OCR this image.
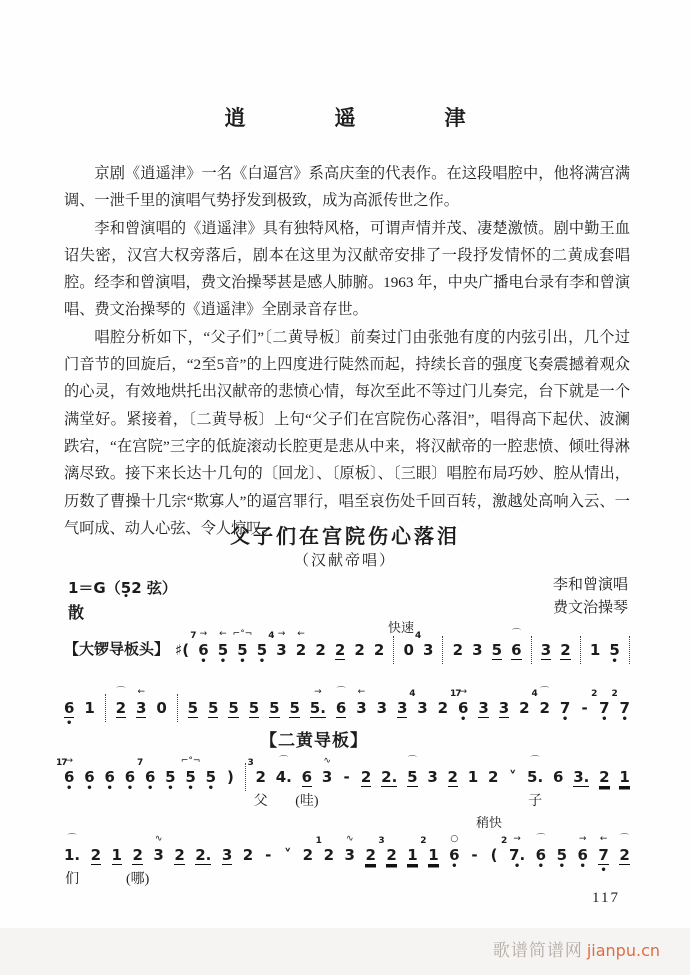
逍　遥　津

京剧《逍遥津》一名《白逼宫》系高庆奎的代表作。在这段唱腔中，他将满宫满调、一泄千里的演唱气势抒发到极致，成为高派传世之作。

李和曾演唱的《逍遥津》具有独特风格，可谓声情并茂、凄楚激愤。剧中勤王血诏失密，汉宫大权旁落后，剧本在这里为汉献帝安排了一段抒发情怀的二黄成套唱腔。经李和曾演唱，费文治操琴甚是感人肺腑。1963 年，中央广播电台录有李和曾演唱、费文治操琴的《逍遥津》全剧录音存世。

唱腔分析如下，“父子们”〔二黄导板〕前奏过门由张弛有度的内弦引出，几个过门音节的回旋后，“2至5音”的上四度进行陡然而起，持续长音的强度飞奏震撼着观众的心灵，有效地烘托出汉献帝的悲愤心情，每次至此不等过门儿奏完，台下就是一个满堂好。紧接着，〔二黄导板〕上句“父子们在宫院伤心落泪”，唱得高下起伏、波澜跌宕，“在宫院”三字的低旋滚动长腔更是悲从中来，将汉献帝的一腔悲愤、倾吐得淋漓尽致。接下来长达十几句的〔回龙〕、〔原板〕、〔三眼〕唱腔布局巧妙、腔从情出，历数了曹操十几宗“欺寡人”的逼宫罪行，唱至哀伤处千回百转，激越处高响入云、一气呵成、动人心弦、令人惊叹。

父子们在宫院伤心落泪
（汉献帝唱）
1＝G（5 •2 弦）
散
李和曾演唱
费文治操琴
快速
【大锣导板头】 ♯( 6
7 →
•
5
←
•
5
⌐°¬
•
5
•
3
4 →
2
←
2 2 2 2 0 3
4
2 3 5 6
⌒
3 2 1 5
•
6
•
1 2
⌒
3
←
0 5 5 5 5 5 5 5.
→
6
⌒
3
←
3 3 3
4
2 6
17
→
•
3 3 2 2
4 ⌒
7
•
- 7
2
•
7
2
•
【二黄导板】
6
17
→
•
6
•
6
•
6
•
6
7
•
5
•
5
⌐°¬
•
5
•
) 2
3
父
4.
⌒
6
(哇)
3
∿
- 2 2. 5
⌒
3 2 1 2 ˅ 5.
⌒
子
6 3. 2 1
稍快
1.
⌒
们
2 1 2
(哪)
3
∿
2 2. 3 2 - ˅ 2 2
1
3
∿
2 2
3
1 1
2
6
○
•
- ( 7.
2 →
•
6
⌒
•
5
•
6
→
•
7
←
•
2
⌒
117
歌谱简谱网 jianpu.cn
